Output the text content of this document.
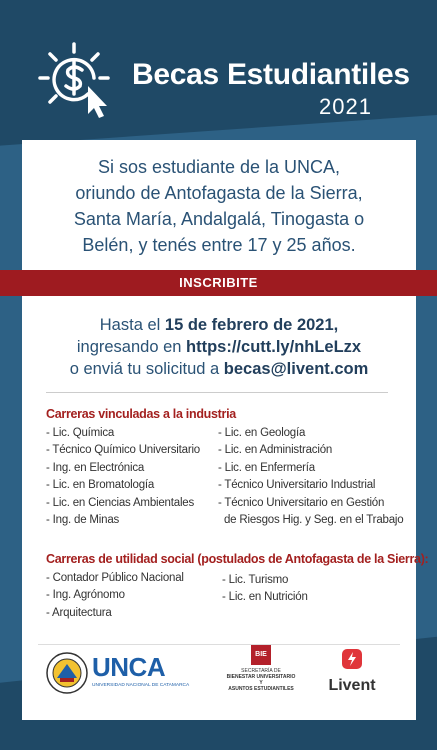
Becas Estudiantiles
2021
Si sos estudiante de la UNCA,
oriundo de Antofagasta de la Sierra,
Santa María, Andalgalá, Tinogasta o
Belén, y tenés entre 17 y 25 años.
INSCRIBITE
Hasta el 15 de febrero de 2021,
ingresando en https://cutt.ly/nhLeLzx
o enviá tu solicitud a becas@livent.com
Carreras vinculadas a la industria
- Lic. Química
- Técnico Químico Universitario
- Ing. en Electrónica
- Lic. en Bromatología
- Lic. en Ciencias Ambientales
- Ing. de Minas
- Lic. en Geología
- Lic. en Administración
- Lic. en Enfermería
- Técnico Universitario Industrial
- Técnico Universitario en Gestión
de Riesgos Hig. y Seg. en el Trabajo
Carreras de utilidad social (postulados de Antofagasta de la Sierra):
- Contador Público Nacional
- Ing. Agrónomo
- Arquitectura
- Lic. Turismo
- Lic. en Nutrición
UNCA
UNIVERSIDAD NACIONAL DE CATAMARCA
BIE
SECRETARÍA DE
BIENESTAR UNIVERSITARIO Y
ASUNTOS ESTUDIANTILES	Livent
